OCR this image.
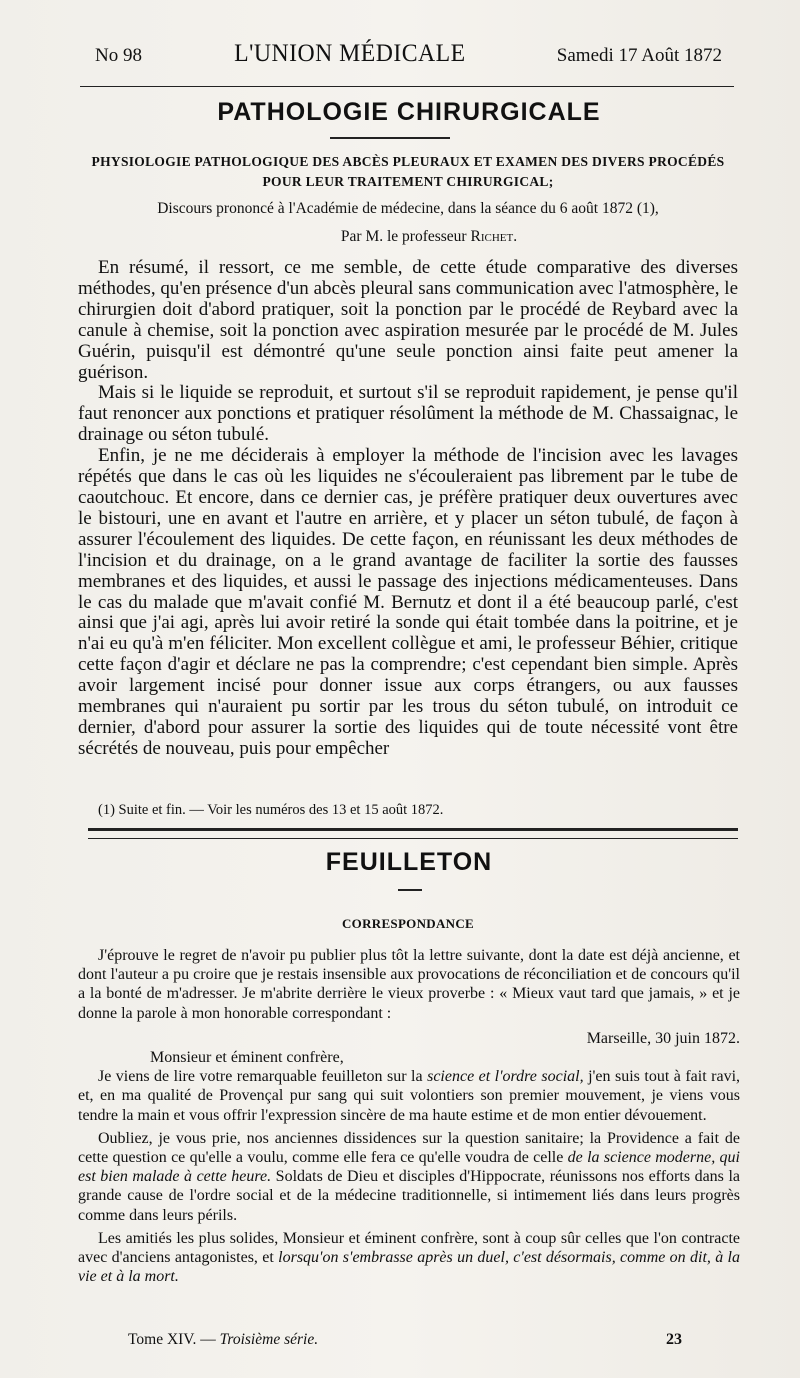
No 98	L'UNION MÉDICALE	Samedi 17 Août 1872
PATHOLOGIE CHIRURGICALE
PHYSIOLOGIE PATHOLOGIQUE DES ABCÈS PLEURAUX ET EXAMEN DES DIVERS PROCÉDÉS
POUR LEUR TRAITEMENT CHIRURGICAL;
Discours prononcé à l'Académie de médecine, dans la séance du 6 août 1872 (1),
Par M. le professeur Richet.

En résumé, il ressort, ce me semble, de cette étude comparative des diverses méthodes, qu'en présence d'un abcès pleural sans communication avec l'atmosphère, le chirurgien doit d'abord pratiquer, soit la ponction par le procédé de Reybard avec la canule à chemise, soit la ponction avec aspiration mesurée par le procédé de M. Jules Guérin, puisqu'il est démontré qu'une seule ponction ainsi faite peut amener la guérison.

Mais si le liquide se reproduit, et surtout s'il se reproduit rapidement, je pense qu'il faut renoncer aux ponctions et pratiquer résolûment la méthode de M. Chassaignac, le drainage ou séton tubulé.

Enfin, je ne me déciderais à employer la méthode de l'incision avec les lavages répétés que dans le cas où les liquides ne s'écouleraient pas librement par le tube de caoutchouc. Et encore, dans ce dernier cas, je préfère pratiquer deux ouvertures avec le bistouri, une en avant et l'autre en arrière, et y placer un séton tubulé, de façon à assurer l'écoulement des liquides. De cette façon, en réunissant les deux méthodes de l'incision et du drainage, on a le grand avantage de faciliter la sortie des fausses membranes et des liquides, et aussi le passage des injections médicamenteuses. Dans le cas du malade que m'avait confié M. Bernutz et dont il a été beaucoup parlé, c'est ainsi que j'ai agi, après lui avoir retiré la sonde qui était tombée dans la poitrine, et je n'ai eu qu'à m'en féliciter. Mon excellent collègue et ami, le professeur Béhier, critique cette façon d'agir et déclare ne pas la comprendre; c'est cependant bien simple. Après avoir largement incisé pour donner issue aux corps étrangers, ou aux fausses membranes qui n'auraient pu sortir par les trous du séton tubulé, on introduit ce dernier, d'abord pour assurer la sortie des liquides qui de toute nécessité vont être sécrétés de nouveau, puis pour empêcher

(1) Suite et fin. — Voir les numéros des 13 et 15 août 1872.
FEUILLETON
CORRESPONDANCE

J'éprouve le regret de n'avoir pu publier plus tôt la lettre suivante, dont la date est déjà ancienne, et dont l'auteur a pu croire que je restais insensible aux provocations de réconciliation et de concours qu'il a la bonté de m'adresser. Je m'abrite derrière le vieux proverbe : « Mieux vaut tard que jamais, » et je donne la parole à mon honorable correspondant :

Marseille, 30 juin 1872.

Monsieur et éminent confrère,

Je viens de lire votre remarquable feuilleton sur la science et l'ordre social, j'en suis tout à fait ravi, et, en ma qualité de Provençal pur sang qui suit volontiers son premier mouvement, je viens vous tendre la main et vous offrir l'expression sincère de ma haute estime et de mon entier dévouement.

Oubliez, je vous prie, nos anciennes dissidences sur la question sanitaire; la Providence a fait de cette question ce qu'elle a voulu, comme elle fera ce qu'elle voudra de celle de la science moderne, qui est bien malade à cette heure. Soldats de Dieu et disciples d'Hippocrate, réunissons nos efforts dans la grande cause de l'ordre social et de la médecine traditionnelle, si intimement liés dans leurs progrès comme dans leurs périls.

Les amitiés les plus solides, Monsieur et éminent confrère, sont à coup sûr celles que l'on contracte avec d'anciens antagonistes, et lorsqu'on s'embrasse après un duel, c'est désormais, comme on dit, à la vie et à la mort.

Tome XIV. — Troisième série.	23
